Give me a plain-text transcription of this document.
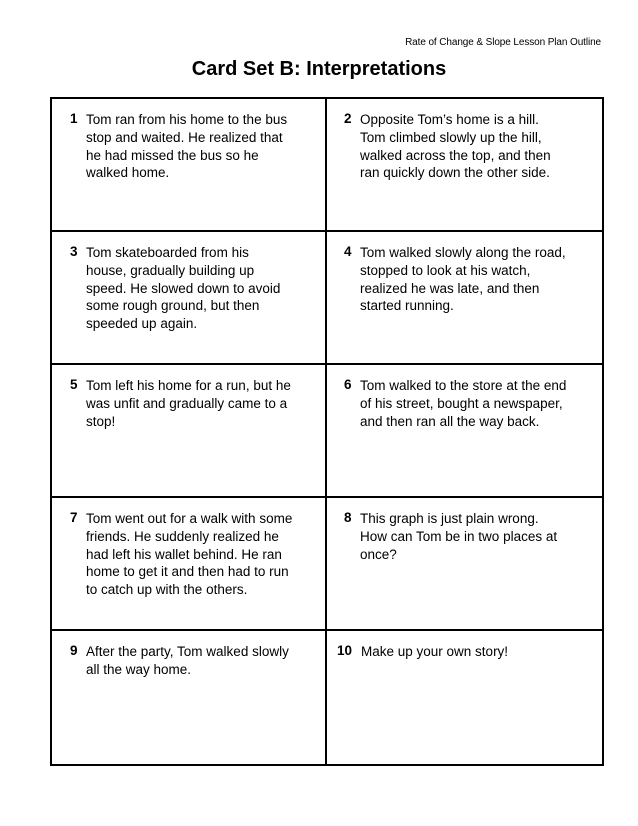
Rate of Change & Slope Lesson Plan Outline
Card Set B: Interpretations
1 Tom ran from his home to the bus
stop and waited. He realized that
he had missed the bus so he
walked home.
2 Opposite Tom’s home is a hill.
Tom climbed slowly up the hill,
walked across the top, and then
ran quickly down the other side.
3 Tom skateboarded from his
house, gradually building up
speed. He slowed down to avoid
some rough ground, but then
speeded up again.
4 Tom walked slowly along the road,
stopped to look at his watch,
realized he was late, and then
started running.
5 Tom left his home for a run, but he
was unfit and gradually came to a
stop!
6 Tom walked to the store at the end
of his street, bought a newspaper,
and then ran all the way back.
7 Tom went out for a walk with some
friends. He suddenly realized he
had left his wallet behind. He ran
home to get it and then had to run
to catch up with the others.
8 This graph is just plain wrong.
How can Tom be in two places at
once?
9 After the party, Tom walked slowly
all the way home.
10 Make up your own story!
